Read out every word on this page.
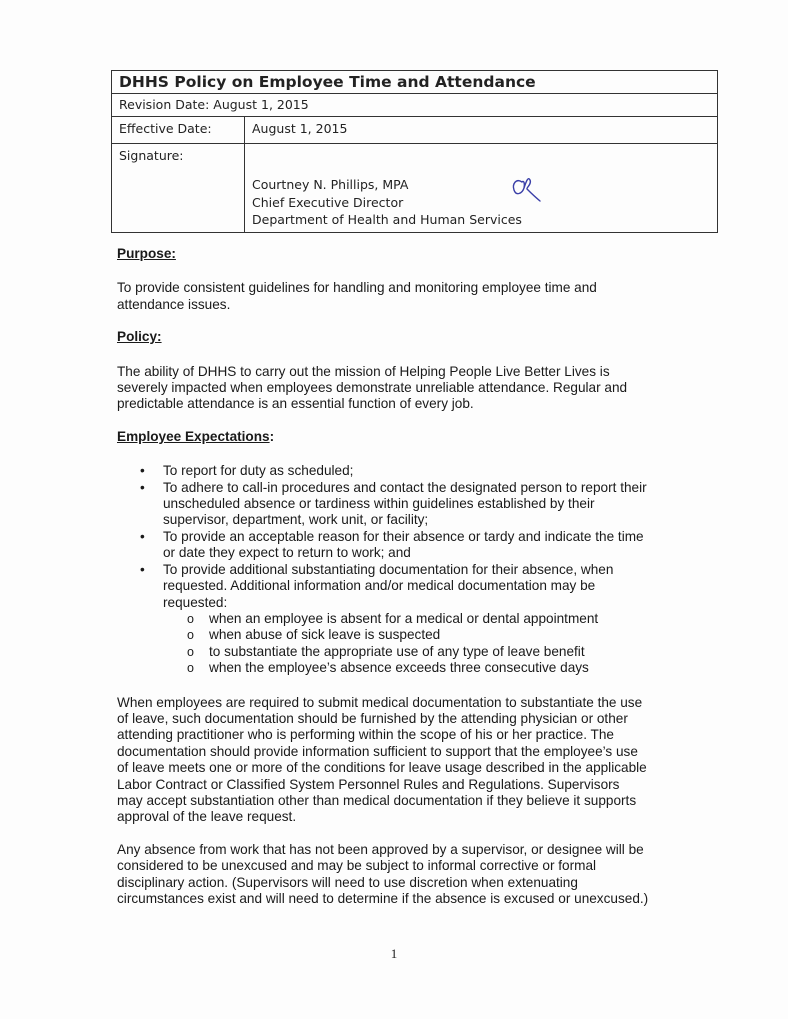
DHHS Policy on Employee Time and Attendance	
Revision Date: August 1, 2015	
Effective Date:	August 1, 2015
Signature:	Courtney N. Phillips, MPA
Chief Executive Director
Department of Health and Human Services
Purpose:

To provide consistent guidelines for handling and monitoring employee time and
attendance issues.

Policy:

The ability of DHHS to carry out the mission of Helping People Live Better Lives is
severely impacted when employees demonstrate unreliable attendance. Regular and
predictable attendance is an essential function of every job.

Employee Expectations:
• To report for duty as scheduled;
• To adhere to call-in procedures and contact the designated person to report their
unscheduled absence or tardiness within guidelines established by their
supervisor, department, work unit, or facility;
• To provide an acceptable reason for their absence or tardy and indicate the time
or date they expect to return to work; and
• To provide additional substantiating documentation for their absence, when
requested. Additional information and/or medical documentation may be
requested:
o when an employee is absent for a medical or dental appointment
o when abuse of sick leave is suspected
o to substantiate the appropriate use of any type of leave benefit
o when the employee’s absence exceeds three consecutive days

When employees are required to submit medical documentation to substantiate the use
of leave, such documentation should be furnished by the attending physician or other
attending practitioner who is performing within the scope of his or her practice. The
documentation should provide information sufficient to support that the employee’s use
of leave meets one or more of the conditions for leave usage described in the applicable
Labor Contract or Classified System Personnel Rules and Regulations. Supervisors
may accept substantiation other than medical documentation if they believe it supports
approval of the leave request.

Any absence from work that has not been approved by a supervisor, or designee will be
considered to be unexcused and may be subject to informal corrective or formal
disciplinary action. (Supervisors will need to use discretion when extenuating
circumstances exist and will need to determine if the absence is excused or unexcused.)

1
